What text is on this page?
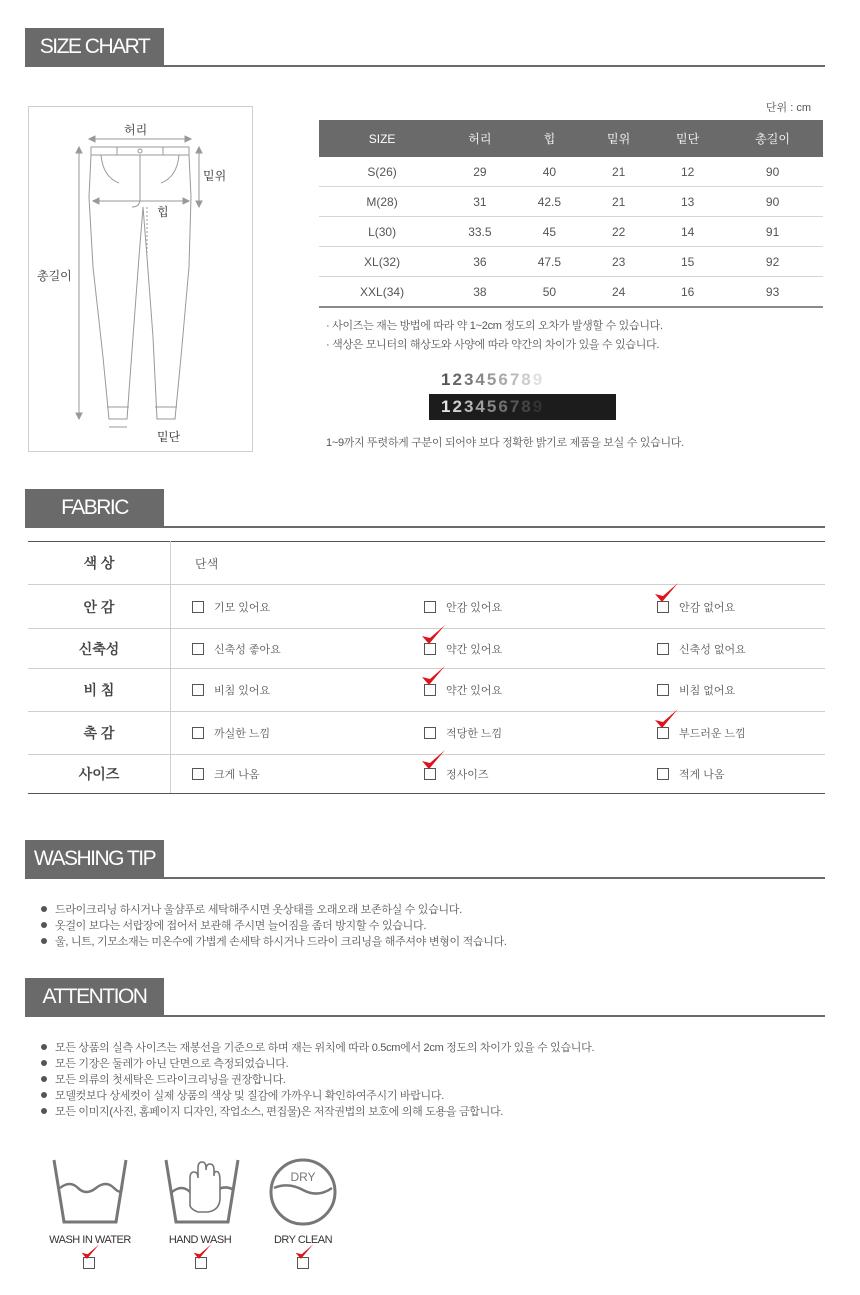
SIZE CHART
허리
밑위
힙
총길이
밑단
단위 : cm
SIZE	허리	힙	밑위	밑단	총길이
S(26)	29	40	21	12	90
M(28)	31	42.5	21	13	90
L(30)	33.5	45	22	14	91
XL(32)	36	47.5	23	15	92
XXL(34)	38	50	24	16	93
· 사이즈는 재는 방법에 따라 약 1~2cm 정도의 오차가 발생할 수 있습니다.
· 색상은 모니터의 해상도와 사양에 따라 약간의 차이가 있을 수 있습니다.
123456789
123456789
1~9까지 뚜렷하게 구분이 되어야 보다 정확한 밝기로 제품을 보실 수 있습니다.
FABRIC
색 상	단색		
안 감	기모 있어요	안감 있어요	안감 없어요
신축성	신축성 좋아요	약간 있어요	신축성 없어요
비 침	비침 있어요	약간 있어요	비침 없어요
촉 감	까실한 느낌	적당한 느낌	부드러운 느낌
사이즈	크게 나옴	정사이즈	적게 나옴
WASHING TIP
드라이크리닝 하시거나 울샴푸로 세탁해주시면 옷상태를 오래오래 보존하실 수 있습니다.
옷걸이 보다는 서랍장에 접어서 보관해 주시면 늘어짐을 좀더 방지할 수 있습니다.
울, 니트, 기모소재는 미온수에 가볍게 손세탁 하시거나 드라이 크리닝을 해주셔야 변형이 적습니다.
ATTENTION
모든 상품의 실측 사이즈는 재봉선을 기준으로 하며 재는 위치에 따라 0.5cm에서 2cm 정도의 차이가 있을 수 있습니다.
모든 기장은 둘레가 아닌 단면으로 측정되었습니다.
모든 의류의 첫세탁은 드라이크리닝을 권장합니다.
모델컷보다 상세컷이 실제 상품의 색상 및 질감에 가까우니 확인하여주시기 바랍니다.
모든 이미지(사진, 홈페이지 디자인, 작업소스, 편집물)은 저작권법의 보호에 의해 도용을 금합니다.
WASH IN WATER	HAND WASH
DRY
DRY CLEAN
